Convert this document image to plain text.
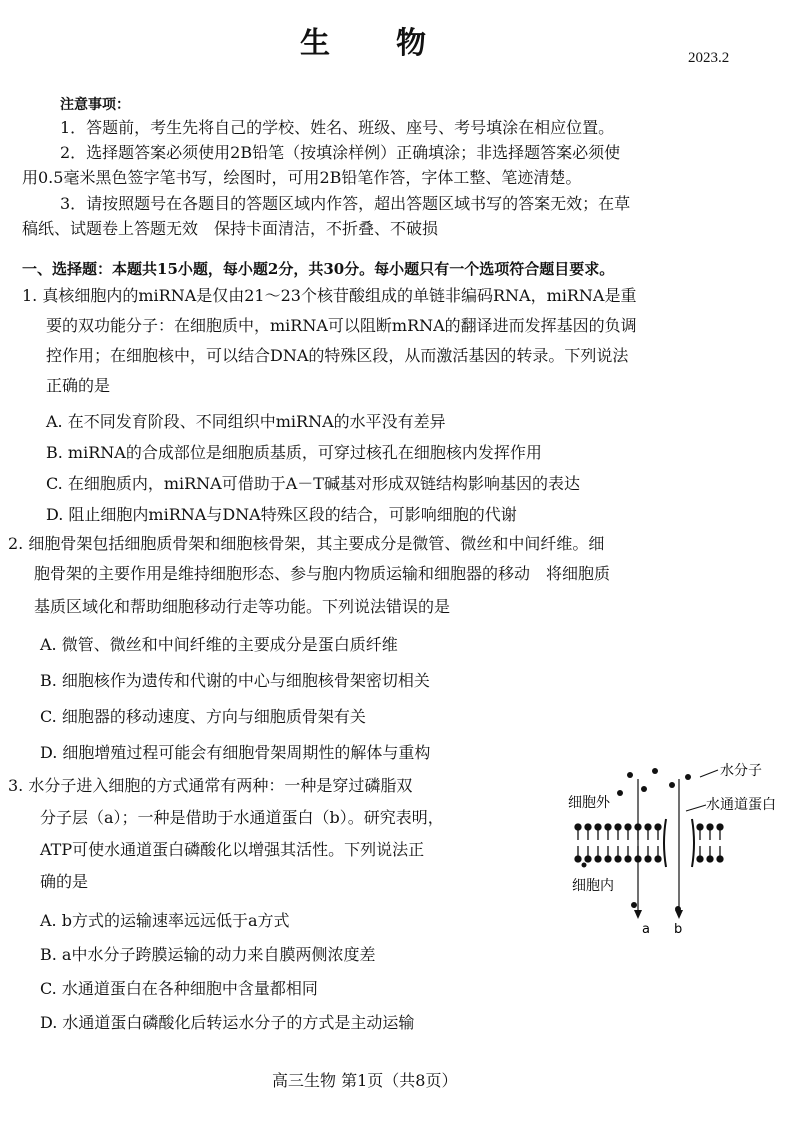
生　　物	2023.2
注意事项：
1．答题前，考生先将自己的学校、姓名、班级、座号、考号填涂在相应位置。
2．选择题答案必须使用2B铅笔（按填涂样例）正确填涂；非选择题答案必须使
用0.5毫米黑色签字笔书写，绘图时，可用2B铅笔作答，字体工整、笔迹清楚。
3．请按照题号在各题目的答题区域内作答，超出答题区域书写的答案无效；在草
稿纸、试题卷上答题无效　保持卡面清洁，不折叠、不破损
一、选择题：本题共15小题，每小题2分，共30分。每小题只有一个选项符合题目要求。
1. 真核细胞内的miRNA是仅由21～23个核苷酸组成的单链非编码RNA，miRNA是重
要的双功能分子：在细胞质中，miRNA可以阻断mRNA的翻译进而发挥基因的负调
控作用；在细胞核中，可以结合DNA的特殊区段，从而激活基因的转录。下列说法
正确的是
A. 在不同发育阶段、不同组织中miRNA的水平没有差异
B. miRNA的合成部位是细胞质基质，可穿过核孔在细胞核内发挥作用
C. 在细胞质内，miRNA可借助于A－T碱基对形成双链结构影响基因的表达
D. 阻止细胞内miRNA与DNA特殊区段的结合，可影响细胞的代谢
2. 细胞骨架包括细胞质骨架和细胞核骨架，其主要成分是微管、微丝和中间纤维。细
胞骨架的主要作用是维持细胞形态、参与胞内物质运输和细胞器的移动　将细胞质
基质区域化和帮助细胞移动行走等功能。下列说法错误的是
A. 微管、微丝和中间纤维的主要成分是蛋白质纤维
B. 细胞核作为遗传和代谢的中心与细胞核骨架密切相关
C. 细胞器的移动速度、方向与细胞质骨架有关
D. 细胞增殖过程可能会有细胞骨架周期性的解体与重构
3. 水分子进入细胞的方式通常有两种：一种是穿过磷脂双
分子层（a）；一种是借助于水通道蛋白（b）。研究表明，
ATP可使水通道蛋白磷酸化以增强其活性。下列说法正
确的是
A. b方式的运输速率远远低于a方式
B. a中水分子跨膜运输的动力来自膜两侧浓度差
C. 水通道蛋白在各种细胞中含量都相同
D. 水通道蛋白磷酸化后转运水分子的方式是主动运输
水分子
细胞外	水通道蛋白
细胞内
a b
高三生物 第1页（共8页）
